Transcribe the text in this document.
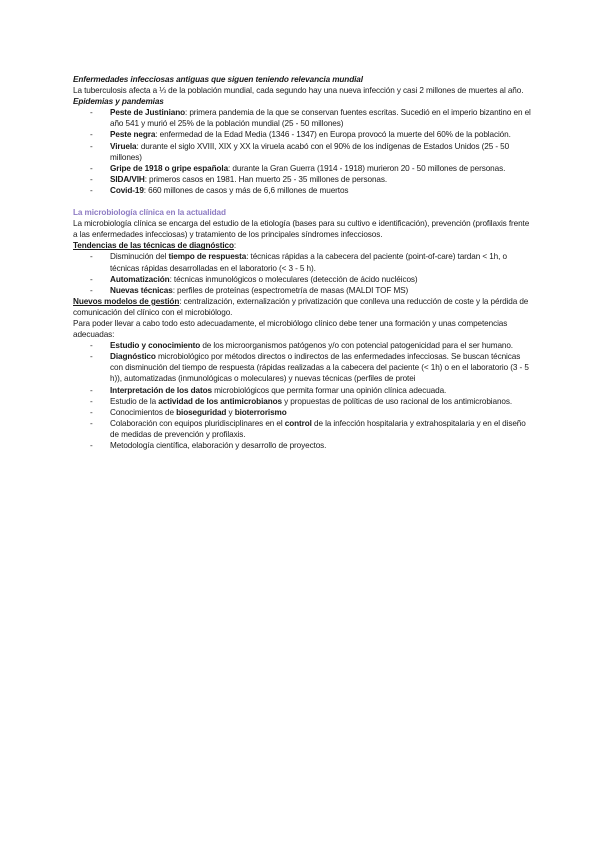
Enfermedades infecciosas antiguas que siguen teniendo relevancia mundial

La tuberculosis afecta a ⅓ de la población mundial, cada segundo hay una nueva infección y casi 2 millones de muertes al año.

Epidemias y pandemias

- Peste de Justiniano: primera pandemia de la que se conservan fuentes escritas. Sucedió en el imperio bizantino en el año 541 y murió el 25% de la población mundial (25 - 50 millones)
- Peste negra: enfermedad de la Edad Media (1346 - 1347) en Europa provocó la muerte del 60% de la población.
- Viruela: durante el siglo XVIII, XIX y XX la viruela acabó con el 90% de los indígenas de Estados Unidos (25 - 50 millones)
- Gripe de 1918 o gripe española: durante la Gran Guerra (1914 - 1918) murieron 20 - 50 millones de personas.
- SIDA/VIH: primeros casos en 1981. Han muerto 25 - 35 millones de personas.
- Covid-19: 660 millones de casos y más de 6,6 millones de muertos

La microbiología clínica en la actualidad

La microbiología clínica se encarga del estudio de la etiología (bases para su cultivo e identificación), prevención (profilaxis frente a las enfermedades infecciosas) y tratamiento de los principales síndromes infecciosos.

Tendencias de las técnicas de diagnóstico:

- Disminución del tiempo de respuesta: técnicas rápidas a la cabecera del paciente (point-of-care) tardan < 1h, o técnicas rápidas desarrolladas en el laboratorio (< 3 - 5 h).
- Automatización: técnicas inmunológicos o moleculares (detección de ácido nucléicos)
- Nuevas técnicas: perfiles de proteínas (espectrometría de masas (MALDI TOF MS)

Nuevos modelos de gestión: centralización, externalización y privatización que conlleva una reducción de coste y la pérdida de comunicación del clínico con el microbiólogo.

Para poder llevar a cabo todo esto adecuadamente, el microbiólogo clínico debe tener una formación y unas competencias adecuadas:

- Estudio y conocimiento de los microorganismos patógenos y/o con potencial patogenicidad para el ser humano.
- Diagnóstico microbiológico por métodos directos o indirectos de las enfermedades infecciosas. Se buscan técnicas con disminución del tiempo de respuesta (rápidas realizadas a la cabecera del paciente (< 1h) o en el laboratorio (3 - 5 h)), automatizadas (inmunológicas o moleculares) y nuevas técnicas (perfiles de protei
- Interpretación de los datos microbiológicos que permita formar una opinión clínica adecuada.
- Estudio de la actividad de los antimicrobianos y propuestas de políticas de uso racional de los antimicrobianos.
- Conocimientos de bioseguridad y bioterrorismo
- Colaboración con equipos pluridisciplinares en el control de la infección hospitalaria y extrahospitalaria y en el diseño de medidas de prevención y profilaxis.
- Metodología científica, elaboración y desarrollo de proyectos.
